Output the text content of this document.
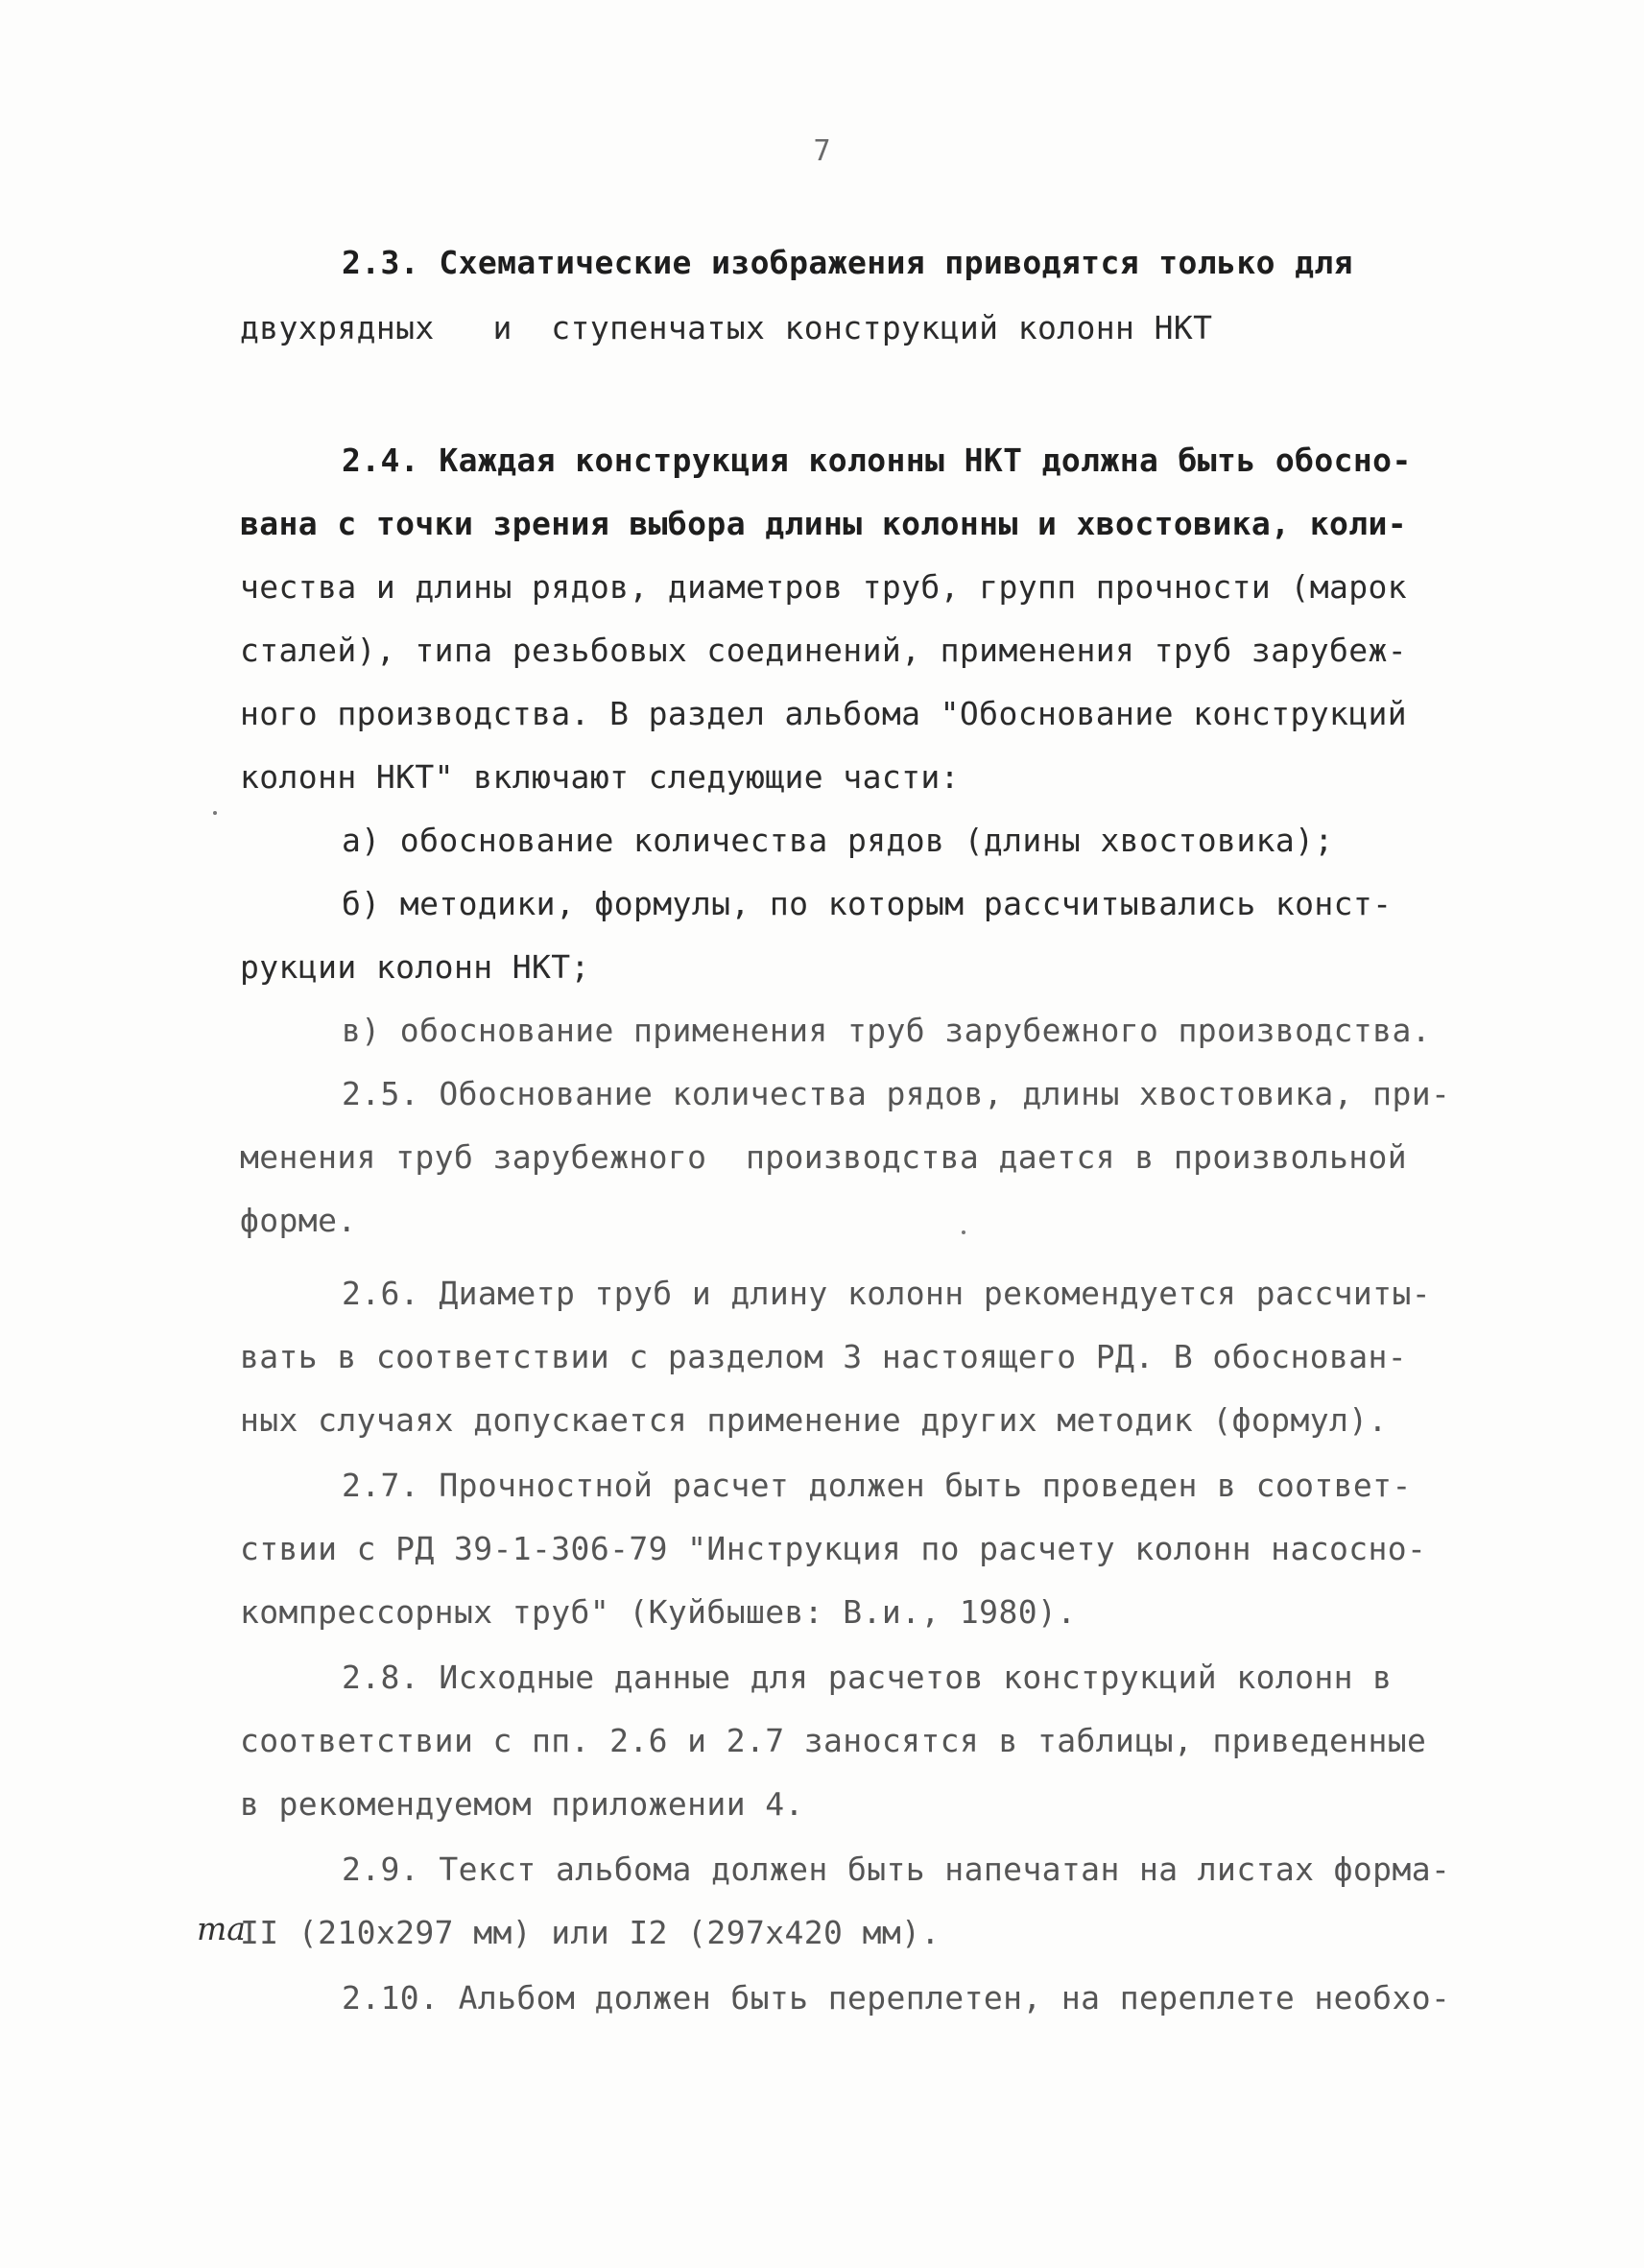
7
2.3. Схематические изображения приводятся только для
двухрядных   и  ступенчатых конструкций колонн НКТ
2.4. Каждая конструкция колонны НКТ должна быть обосно-
вана с точки зрения выбора длины колонны и хвостовика, коли-
чества и длины рядов, диаметров труб, групп прочности (марок
сталей), типа резьбовых соединений, применения труб зарубеж-
ного производства. В раздел альбома "Обоснование конструкций
колонн НКТ" включают следующие части:
а) обоснование количества рядов (длины хвостовика);
б) методики, формулы, по которым рассчитывались конст-
рукции колонн НКТ;
в) обоснование применения труб зарубежного производства.
2.5. Обоснование количества рядов, длины хвостовика, при-
менения труб зарубежного  производства дается в произвольной
форме.
2.6. Диаметр труб и длину колонн рекомендуется рассчиты-
вать в соответствии с разделом 3 настоящего РД. В обоснован-
ных случаях допускается применение других методик (формул).
2.7. Прочностной расчет должен быть проведен в соответ-
ствии с РД 39-1-306-79 "Инструкция по расчету колонн насосно-
компрессорных труб" (Куйбышев: В.и., 1980).
2.8. Исходные данные для расчетов конструкций колонн в
соответствии с пп. 2.6 и 2.7 заносятся в таблицы, приведенные
в рекомендуемом приложении 4.
2.9. Текст альбома должен быть напечатан на листах форма-
та
II (210x297 мм) или I2 (297x420 мм).
2.10. Альбом должен быть переплетен, на переплете необхо-
